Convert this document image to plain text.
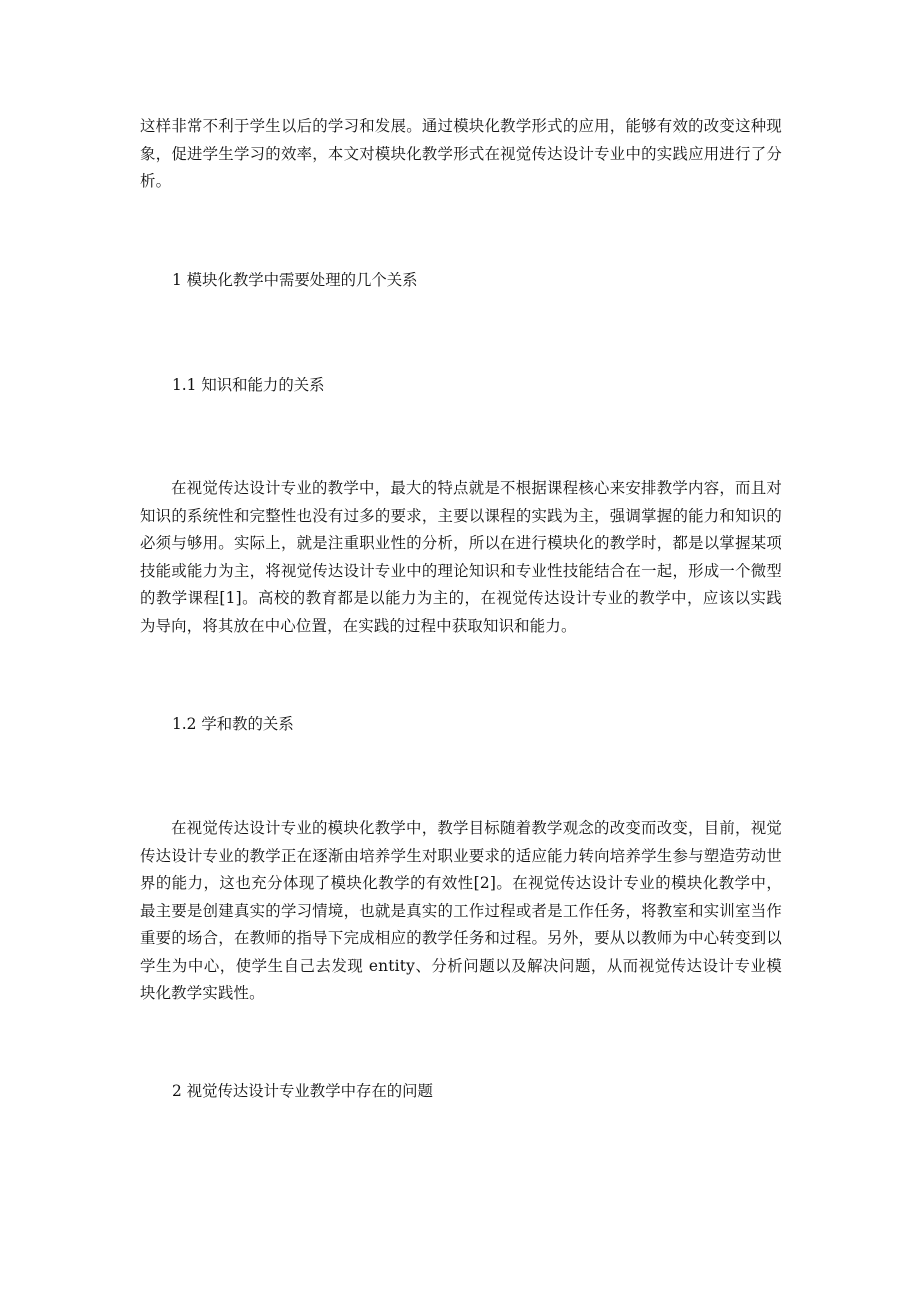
这样非常不利于学生以后的学习和发展。通过模块化教学形式的应用，能够有效的改变这种现象，促进学生学习的效率，本文对模块化教学形式在视觉传达设计专业中的实践应用进行了分析。

1 模块化教学中需要处理的几个关系

1.1 知识和能力的关系

在视觉传达设计专业的教学中，最大的特点就是不根据课程核心来安排教学内容，而且对知识的系统性和完整性也没有过多的要求，主要以课程的实践为主，强调掌握的能力和知识的必须与够用。实际上，就是注重职业性的分析，所以在进行模块化的教学时，都是以掌握某项技能或能力为主，将视觉传达设计专业中的理论知识和专业性技能结合在一起，形成一个微型的教学课程[1]。高校的教育都是以能力为主的，在视觉传达设计专业的教学中，应该以实践为导向，将其放在中心位置，在实践的过程中获取知识和能力。

1.2 学和教的关系

在视觉传达设计专业的模块化教学中，教学目标随着教学观念的改变而改变，目前，视觉传达设计专业的教学正在逐渐由培养学生对职业要求的适应能力转向培养学生参与塑造劳动世界的能力，这也充分体现了模块化教学的有效性[2]。在视觉传达设计专业的模块化教学中，最主要是创建真实的学习情境，也就是真实的工作过程或者是工作任务，将教室和实训室当作重要的场合，在教师的指导下完成相应的教学任务和过程。另外，要从以教师为中心转变到以学生为中心，使学生自己去发现 entity、分析问题以及解决问题，从而视觉传达设计专业模块化教学实践性。

2 视觉传达设计专业教学中存在的问题
